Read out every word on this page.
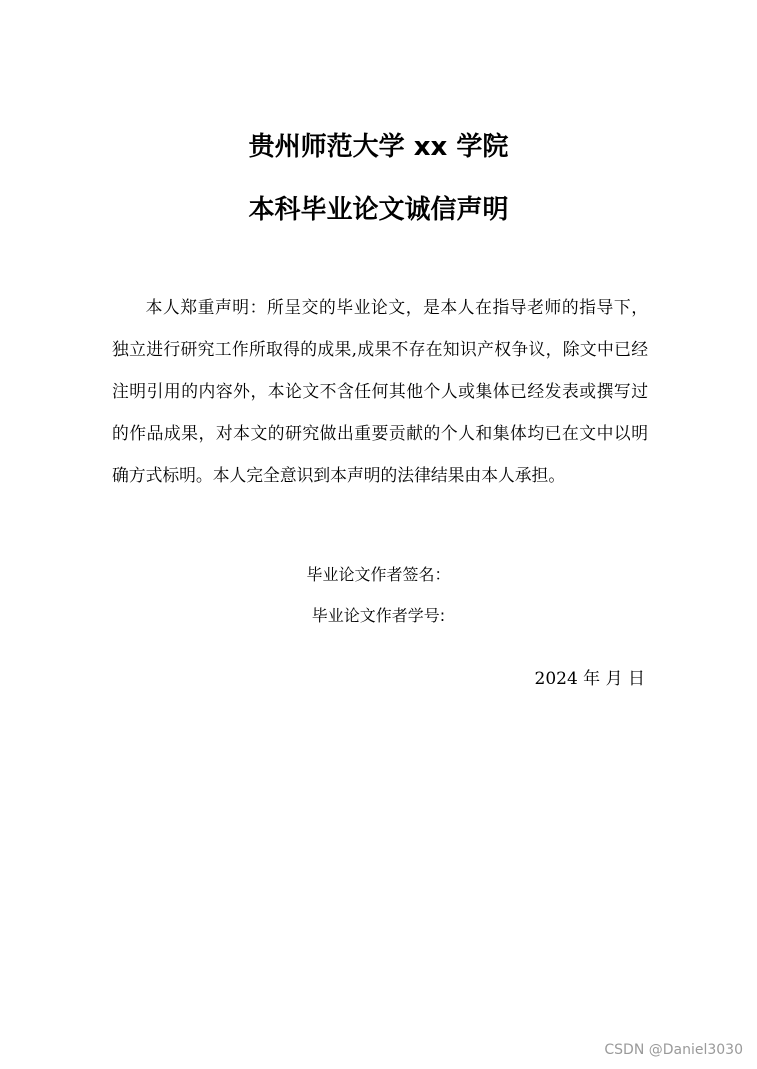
贵州师范大学 xx 学院
本科毕业论文诚信声明

本人郑重声明：所呈交的毕业论文，是本人在指导老师的指导下，独立进行研究工作所取得的成果,成果不存在知识产权争议，除文中已经注明引用的内容外，本论文不含任何其他个人或集体已经发表或撰写过的作品成果，对本文的研究做出重要贡献的个人和集体均已在文中以明确方式标明。本人完全意识到本声明的法律结果由本人承担。

毕业论文作者签名：
毕业论文作者学号:
2024 年 月 日
CSDN @Daniel3030
